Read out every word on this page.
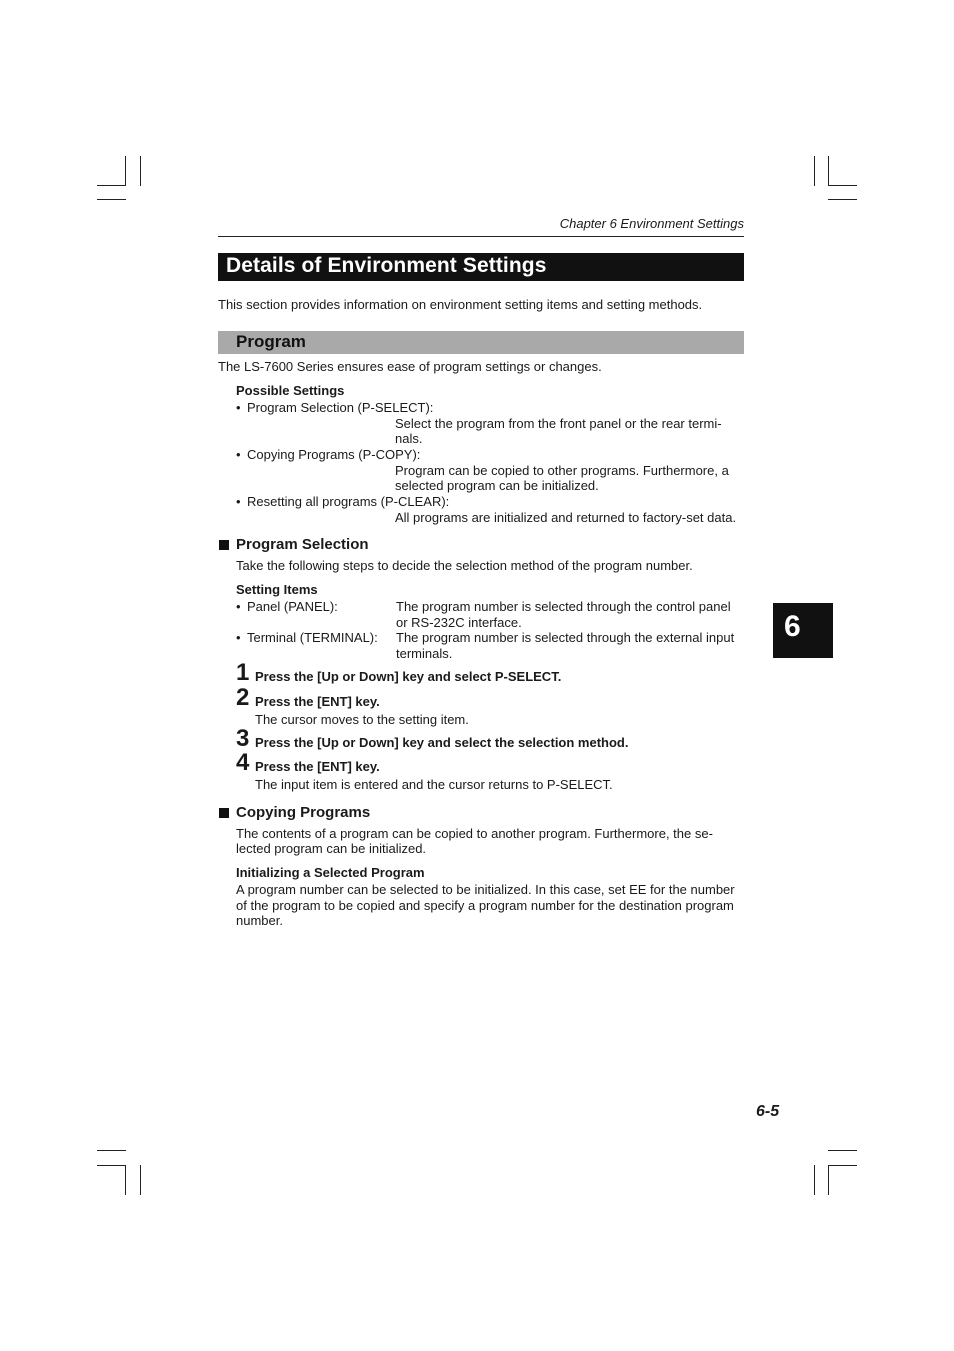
Chapter 6 Environment Settings
Details of Environment Settings
This section provides information on environment setting items and setting methods.
Program
The LS-7600 Series ensures ease of program settings or changes.
Possible Settings
• Program Selection (P-SELECT):
Select the program from the front panel or the rear termi-
nals.
• Copying Programs (P-COPY):
Program can be copied to other programs. Furthermore, a
selected program can be initialized.
• Resetting all programs (P-CLEAR):
All programs are initialized and returned to factory-set data.
Program Selection
Take the following steps to decide the selection method of the program number.
Setting Items
• Panel (PANEL):	The program number is selected through the control panel
or RS-232C interface.
• Terminal (TERMINAL): The program number is selected through the external input
terminals.
1 Press the [Up or Down] key and select P-SELECT.
2 Press the [ENT] key.
The cursor moves to the setting item.
3 Press the [Up or Down] key and select the selection method.
4 Press the [ENT] key.
The input item is entered and the cursor returns to P-SELECT.
Copying Programs
The contents of a program can be copied to another program. Furthermore, the se-
lected program can be initialized.
Initializing a Selected Program
A program number can be selected to be initialized. In this case, set EE for the number
of the program to be copied and specify a program number for the destination program
number.
6
6-5
